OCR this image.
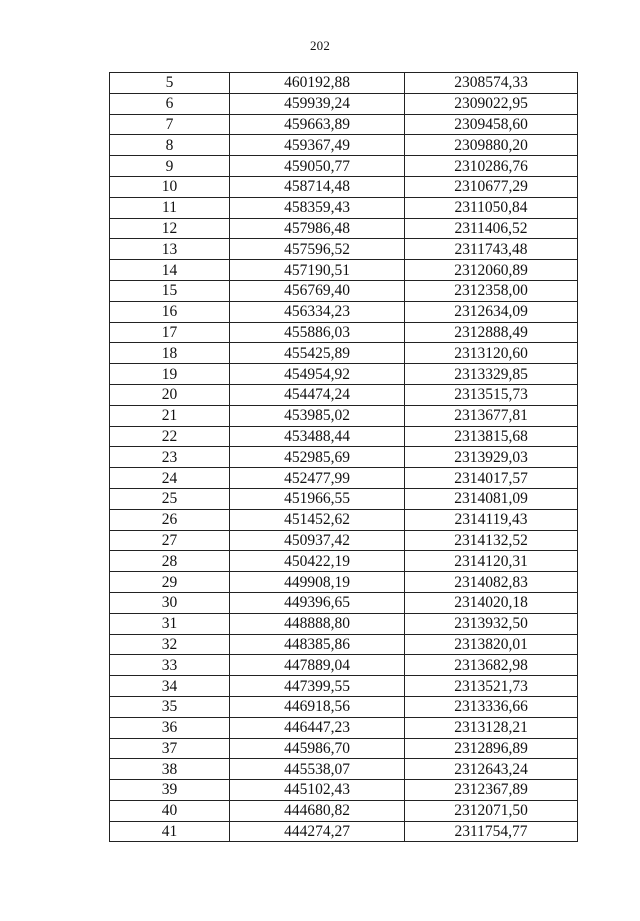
202
5	460192,88	2308574,33
6	459939,24	2309022,95
7	459663,89	2309458,60
8	459367,49	2309880,20
9	459050,77	2310286,76
10	458714,48	2310677,29
11	458359,43	2311050,84
12	457986,48	2311406,52
13	457596,52	2311743,48
14	457190,51	2312060,89
15	456769,40	2312358,00
16	456334,23	2312634,09
17	455886,03	2312888,49
18	455425,89	2313120,60
19	454954,92	2313329,85
20	454474,24	2313515,73
21	453985,02	2313677,81
22	453488,44	2313815,68
23	452985,69	2313929,03
24	452477,99	2314017,57
25	451966,55	2314081,09
26	451452,62	2314119,43
27	450937,42	2314132,52
28	450422,19	2314120,31
29	449908,19	2314082,83
30	449396,65	2314020,18
31	448888,80	2313932,50
32	448385,86	2313820,01
33	447889,04	2313682,98
34	447399,55	2313521,73
35	446918,56	2313336,66
36	446447,23	2313128,21
37	445986,70	2312896,89
38	445538,07	2312643,24
39	445102,43	2312367,89
40	444680,82	2312071,50
41	444274,27	2311754,77
